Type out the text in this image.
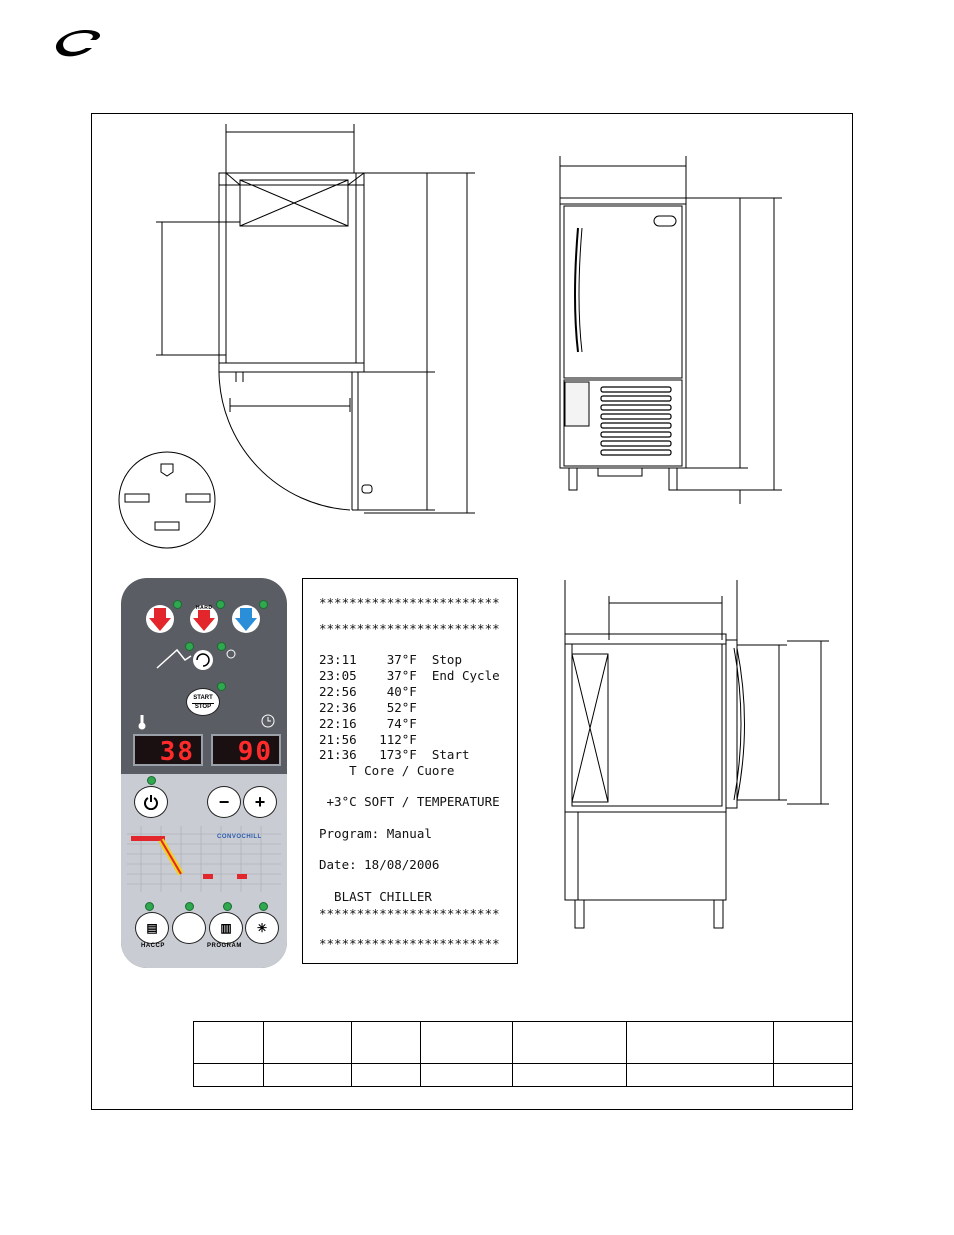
HARD
START
STOP
38	90
− +
CONVOCHILL
▤	▥ ✳
HACCP	PROGRAM
************************
************************
23:11    37°F  Stop
23:05    37°F  End Cycle
22:56    40°F
22:36    52°F
22:16    74°F
21:56   112°F
21:36   173°F  Start
T Core / Cuore
+3°C SOFT / TEMPERATURE
Program: Manual
Date: 18/08/2006
BLAST CHILLER
************************
************************
